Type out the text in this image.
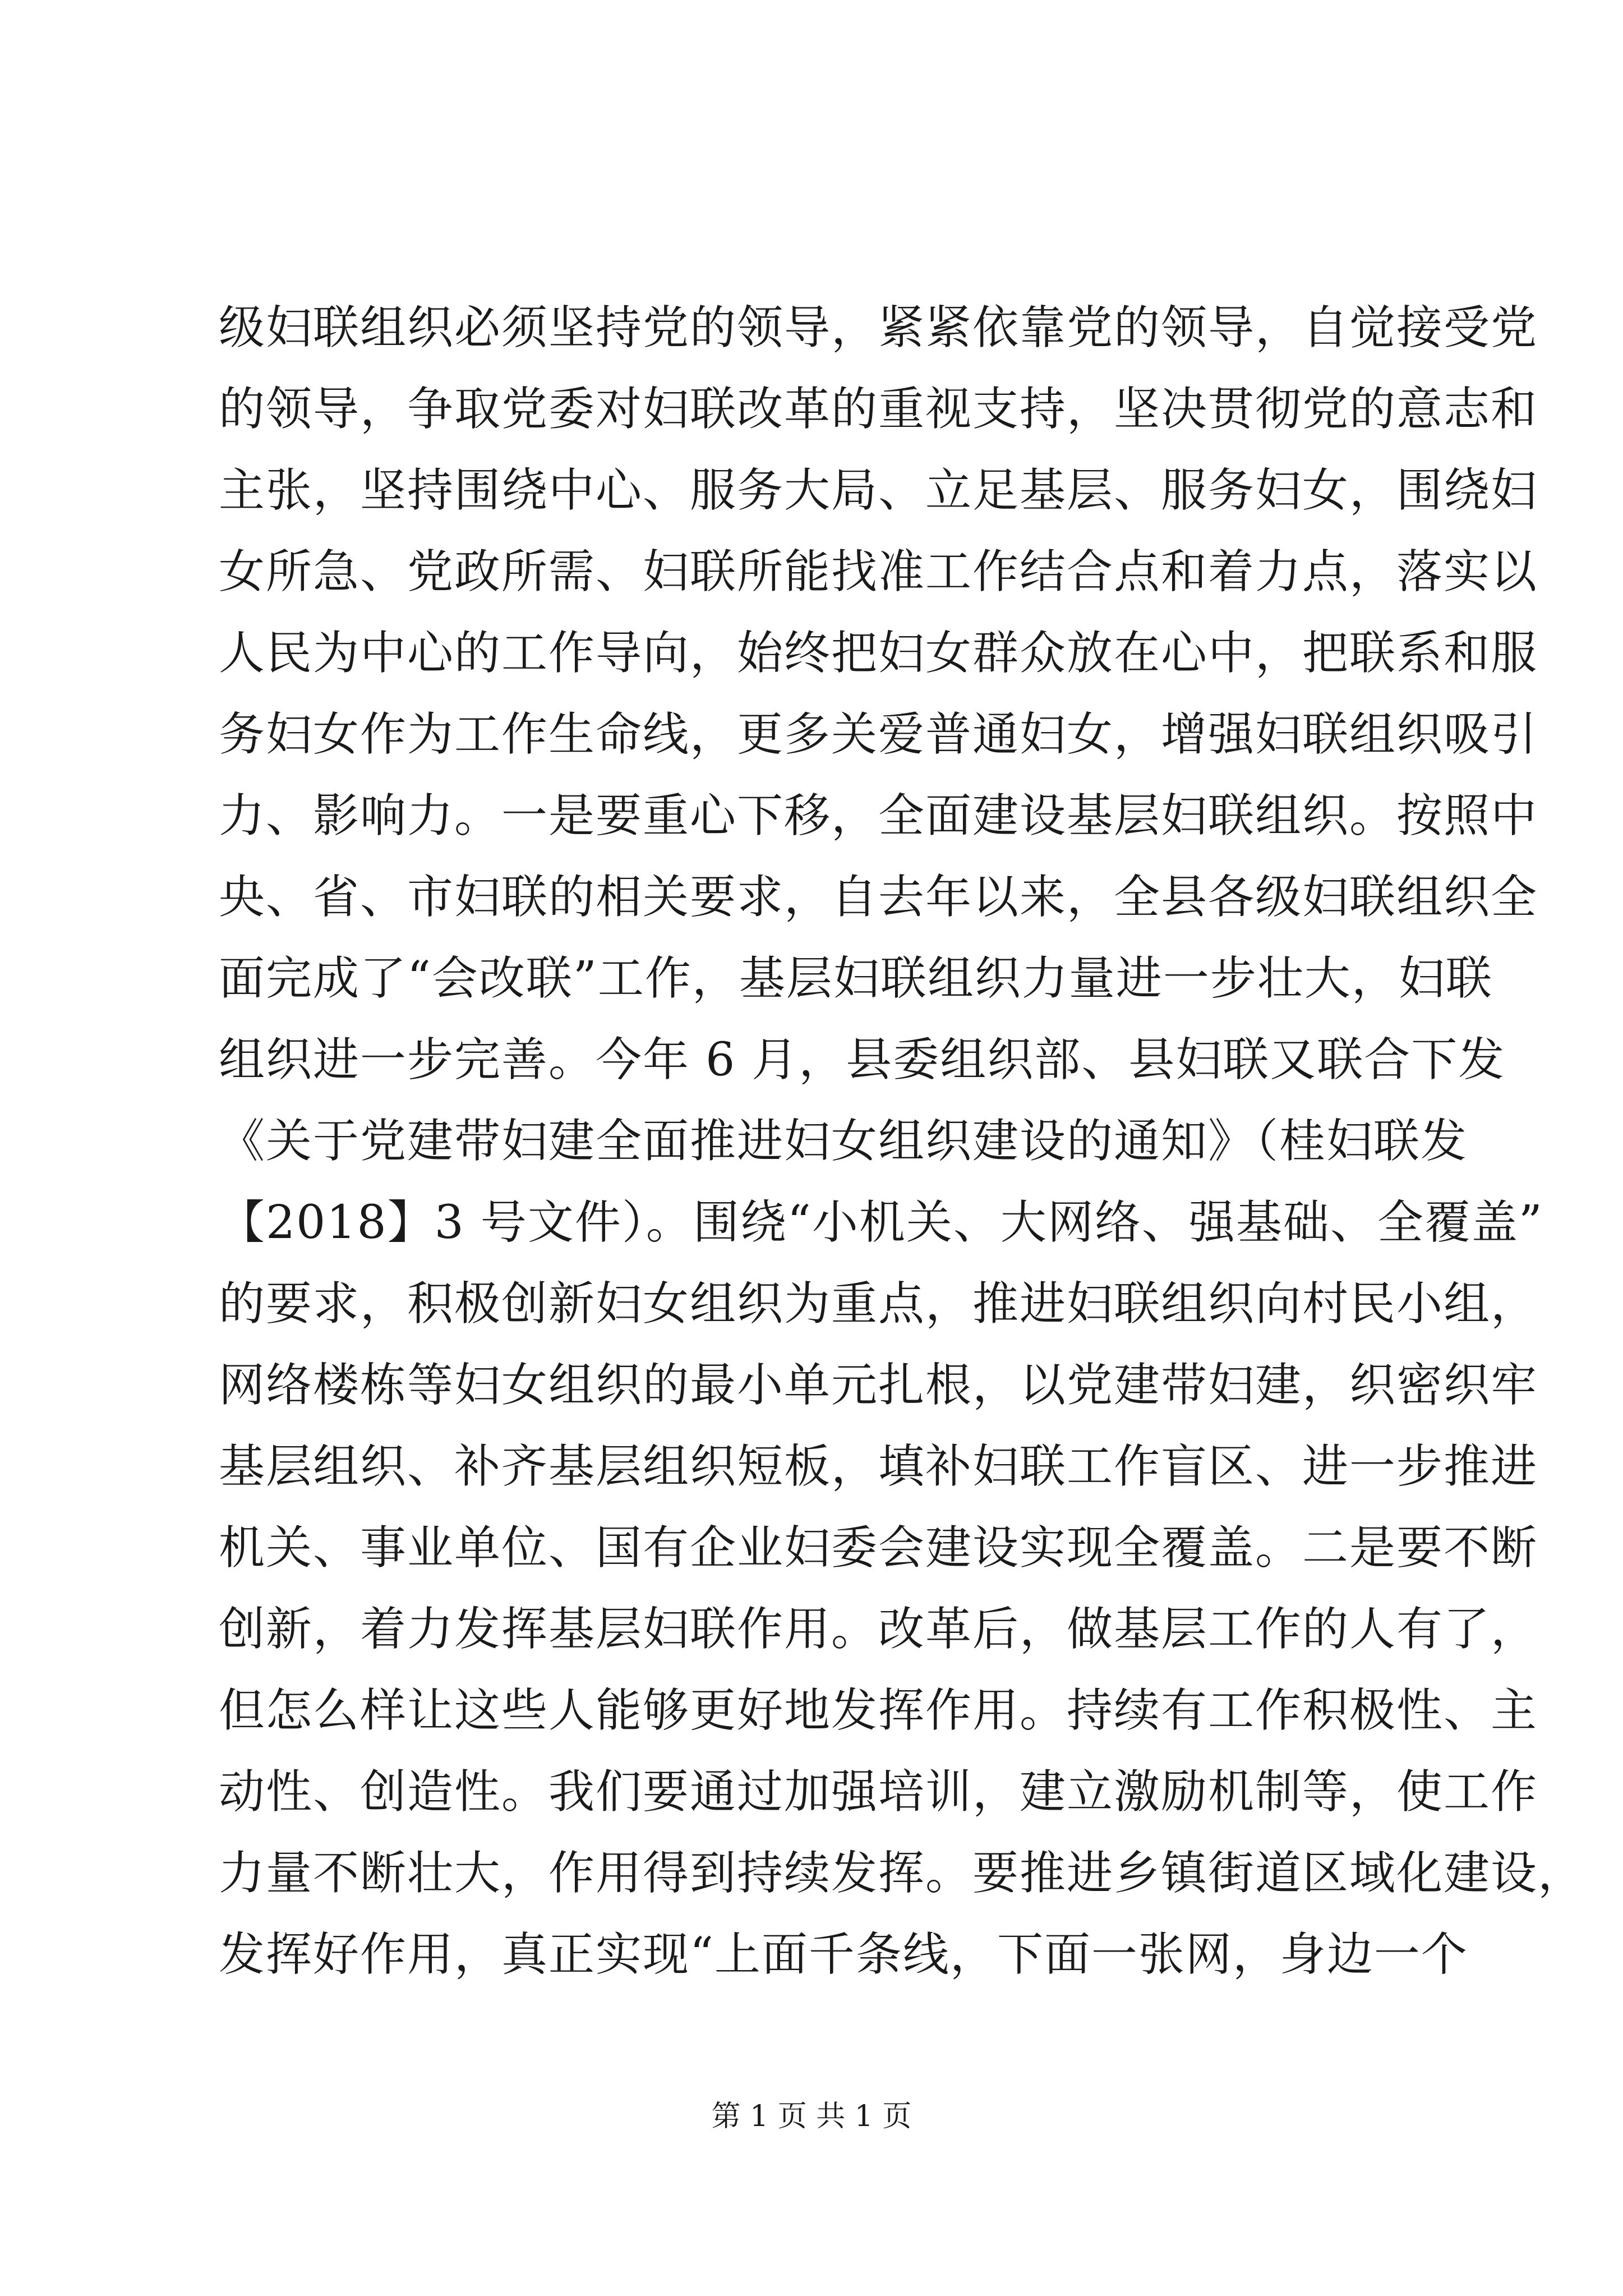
级妇联组织必须坚持党的领导，紧紧依靠党的领导，自觉接受党
的领导，争取党委对妇联改革的重视支持，坚决贯彻党的意志和
主张，坚持围绕中心、服务大局、立足基层、服务妇女，围绕妇
女所急、党政所需、妇联所能找准工作结合点和着力点，落实以
人民为中心的工作导向，始终把妇女群众放在心中，把联系和服
务妇女作为工作生命线，更多关爱普通妇女，增强妇联组织吸引
力、影响力。一是要重心下移，全面建设基层妇联组织。按照中
央、省、市妇联的相关要求，自去年以来，全县各级妇联组织全
面完成了“会改联”工作，基层妇联组织力量进一步壮大，妇联
组织进一步完善。今年 6 月，县委组织部、县妇联又联合下发
《关于党建带妇建全面推进妇女组织建设的通知》（桂妇联发
【2018】3 号文件）。围绕“小机关、大网络、强基础、全覆盖”
的要求，积极创新妇女组织为重点，推进妇联组织向村民小组，
网络楼栋等妇女组织的最小单元扎根，以党建带妇建，织密织牢
基层组织、补齐基层组织短板，填补妇联工作盲区、进一步推进
机关、事业单位、国有企业妇委会建设实现全覆盖。二是要不断
创新，着力发挥基层妇联作用。改革后，做基层工作的人有了，
但怎么样让这些人能够更好地发挥作用。持续有工作积极性、主
动性、创造性。我们要通过加强培训，建立激励机制等，使工作
力量不断壮大，作用得到持续发挥。要推进乡镇街道区域化建设，
发挥好作用，真正实现“上面千条线，下面一张网，身边一个
第 1 页 共 1 页
